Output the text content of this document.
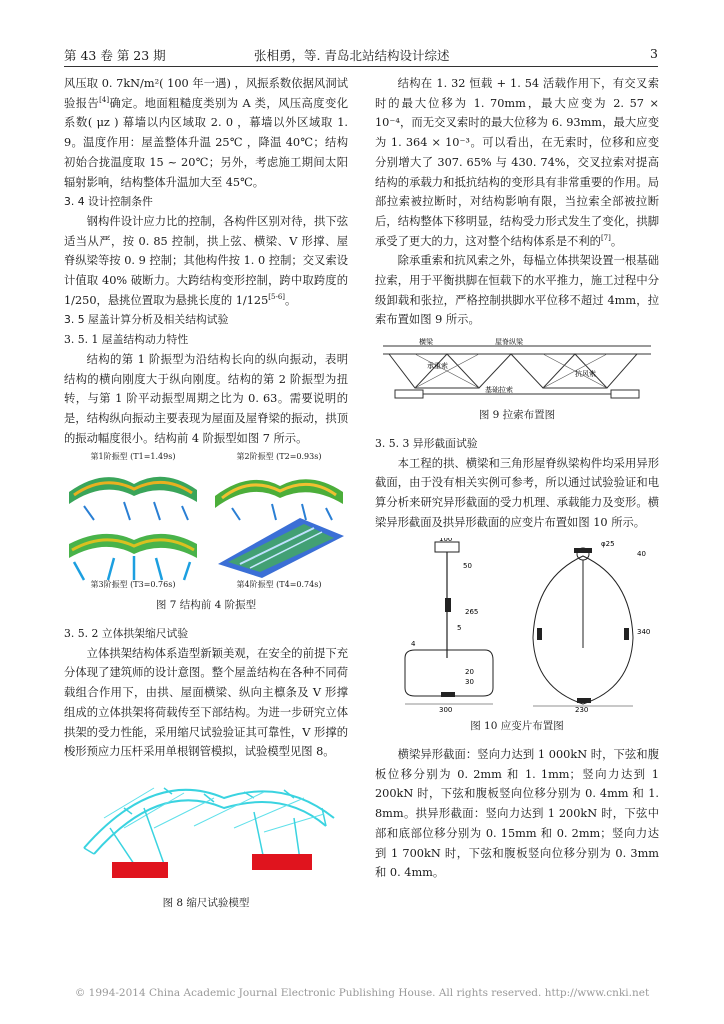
第 43 卷 第 23 期	张相勇，等. 青岛北站结构设计综述	3

风压取 0. 7kN/m²( 100 年一遇) ，风振系数依据风洞试验报告[4]确定。地面粗糙度类别为 A 类，风压高度变化系数( μz ) 幕墙以内区域取 2. 0 ，幕墙以外区域取 1. 9。温度作用：屋盖整体升温 25℃ ，降温 40℃；结构初始合拢温度取 15 ~ 20℃；另外，考虑施工期间太阳辐射影响，结构整体升温加大至 45℃。

3. 4 设计控制条件

钢构件设计应力比的控制，各构件区别对待，拱下弦适当从严，按 0. 85 控制，拱上弦、横梁、V 形撑、屋脊纵梁等按 0. 9 控制；其他构件按 1. 0 控制；交叉索设计值取 40% 破断力。大跨结构变形控制，跨中取跨度的 1/250，悬挑位置取为悬挑长度的 1/125[5-6]。

3. 5 屋盖计算分析及相关结构试验

3. 5. 1 屋盖结构动力特性

结构的第 1 阶振型为沿结构长向的纵向振动，表明结构的横向刚度大于纵向刚度。结构的第 2 阶振型为扭转，与第 1 阶平动振型周期之比为 0. 63。需要说明的是，结构纵向振动主要表现为屋面及屋脊梁的振动，拱顶的振动幅度很小。结构前 4 阶振型如图 7 所示。

第1阶振型 (T1=1.49s)	第2阶振型 (T2=0.93s)
第3阶振型 (T3=0.76s)	第4阶振型 (T4=0.74s)

图 7 结构前 4 阶振型

3. 5. 2 立体拱架缩尺试验

立体拱架结构体系造型新颖美观，在安全的前提下充分体现了建筑师的设计意图。整个屋盖结构在各种不同荷载组合作用下，由拱、屋面横梁、纵向主檩条及 V 形撑组成的立体拱架将荷载传至下部结构。为进一步研究立体拱架的受力性能，采用缩尺试验验证其可靠性，V 形撑的梭形预应力压杆采用单根钢管模拟，试验模型见图 8。

图 8 缩尺试验模型

结构在 1. 32 恒载 + 1. 54 活载作用下，有交叉索时的最大位移为 1. 70mm，最大应变为 2. 57 × 10⁻⁴，而无交叉索时的最大位移为 6. 93mm，最大应变为 1. 364 × 10⁻³。可以看出，在无索时，位移和应变分别增大了 307. 65% 与 430. 74%，交叉拉索对提高结构的承载力和抵抗结构的变形具有非常重要的作用。局部拉索被拉断时，对结构影响有限，当拉索全部被拉断后，结构整体下移明显，结构受力形式发生了变化，拱脚承受了更大的力，这对整个结构体系是不利的[7]。

除承重索和抗风索之外，每榀立体拱架设置一根基础拉索，用于平衡拱脚在恒载下的水平推力，施工过程中分级卸载和张拉，严格控制拱脚水平位移不超过 4mm，拉索布置如图 9 所示。

横梁	屋脊纵梁
承重索
抗风索
基础拉索

图 9 拉索布置图

3. 5. 3 异形截面试验

本工程的拱、横梁和三角形屋脊纵梁构件均采用异形截面，由于没有相关实例可参考，所以通过试验验证和电算分析来研究异形截面的受力机理、承载能力及变形。横梁异形截面及拱异形截面的应变片布置如图 10 所示。

100
50
265
5
4
20
30
300
φ25
40
340
230

图 10 应变片布置图

横梁异形截面：竖向力达到 1 000kN 时，下弦和腹板位移分别为 0. 2mm 和 1. 1mm；竖向力达到 1 200kN 时，下弦和腹板竖向位移分别为 0. 4mm 和 1. 8mm。拱异形截面：竖向力达到 1 200kN 时，下弦中部和底部位移分别为 0. 15mm 和 0. 2mm；竖向力达到 1 700kN 时，下弦和腹板竖向位移分别为 0. 3mm 和 0. 4mm。

© 1994-2014 China Academic Journal Electronic Publishing House. All rights reserved. http://www.cnki.net
